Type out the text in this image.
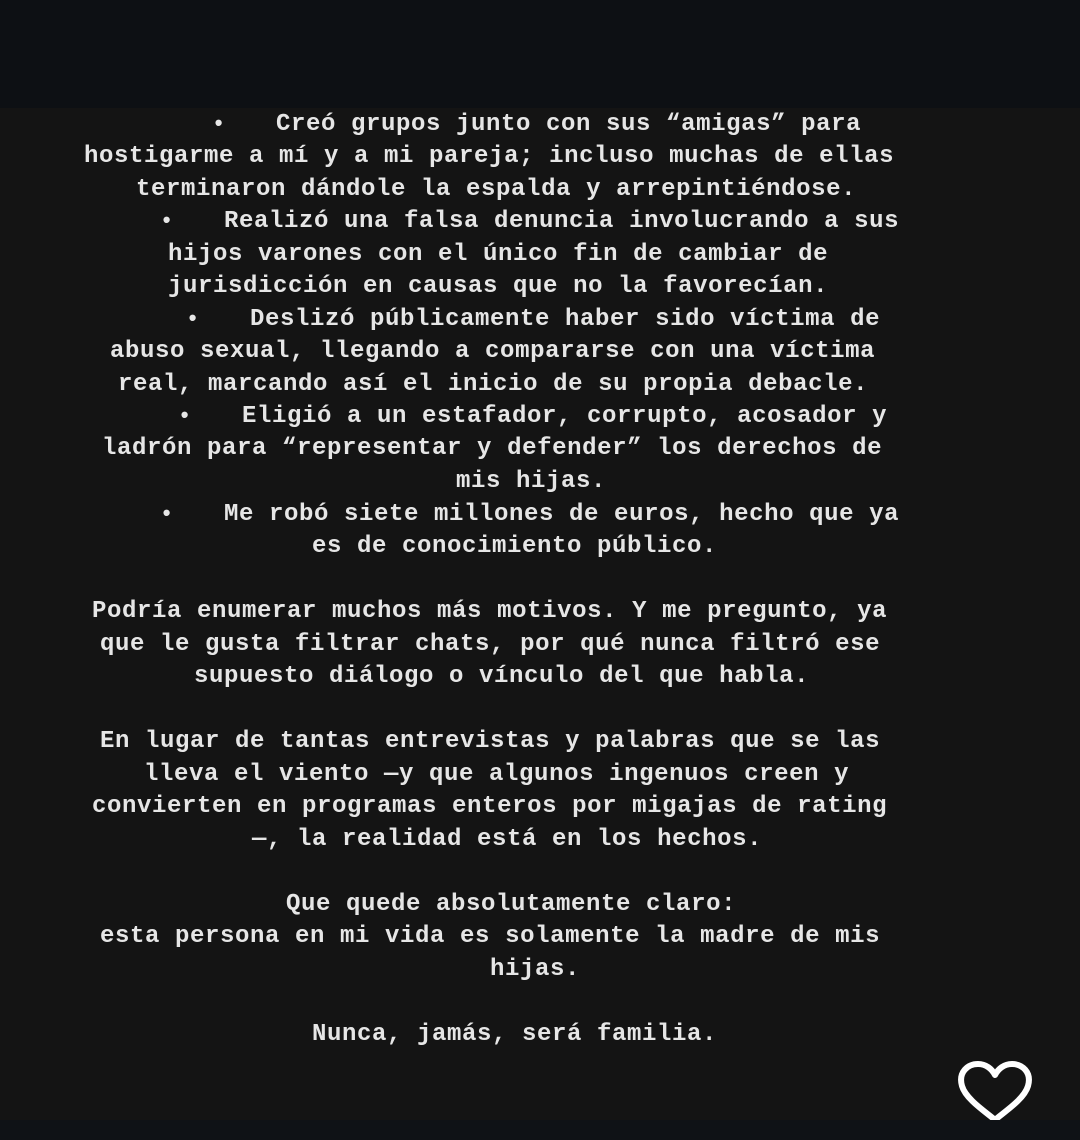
•

Creó grupos junto con sus “amigas” para

hostigarme a mí y a mi pareja; incluso muchas de ellas

terminaron dándole la espalda y arrepintiéndose.

•

Realizó una falsa denuncia involucrando a sus

hijos varones con el único fin de cambiar de

jurisdicción en causas que no la favorecían.

•

Deslizó públicamente haber sido víctima de

abuso sexual, llegando a compararse con una víctima

real, marcando así el inicio de su propia debacle.

•

Eligió a un estafador, corrupto, acosador y

ladrón para “representar y defender” los derechos de

mis hijas.

•

Me robó siete millones de euros, hecho que ya

es de conocimiento público.

Podría enumerar muchos más motivos. Y me pregunto, ya

que le gusta filtrar chats, por qué nunca filtró ese

supuesto diálogo o vínculo del que habla.

En lugar de tantas entrevistas y palabras que se las

lleva el viento —y que algunos ingenuos creen y

convierten en programas enteros por migajas de rating

—, la realidad está en los hechos.

Que quede absolutamente claro:

esta persona en mi vida es solamente la madre de mis

hijas.

Nunca, jamás, será familia.
